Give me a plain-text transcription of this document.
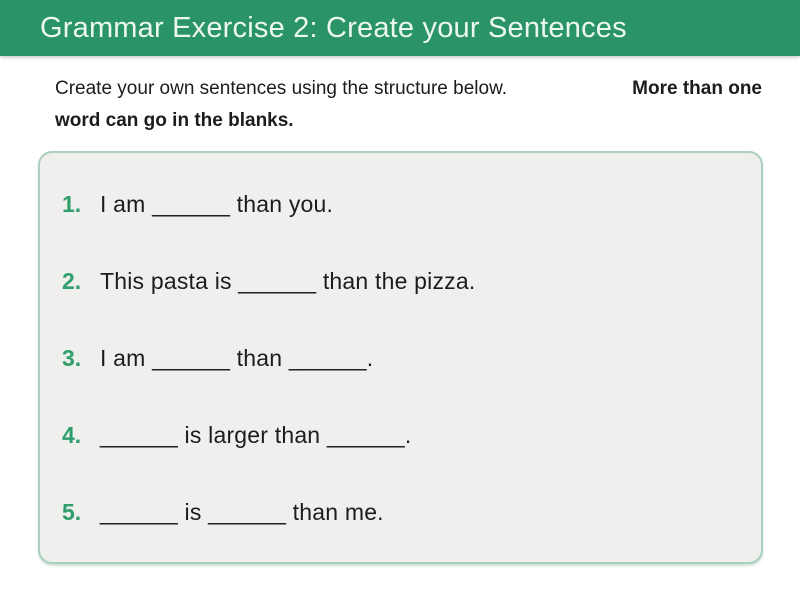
Grammar Exercise 2: Create your Sentences
Create your own sentences using the structure below.	More than one
word can go in the blanks.
1. I am ______ than you.
2. This pasta is ______ than the pizza.
3. I am ______ than ______.
4. ______ is larger than ______.
5. ______ is ______ than me.
